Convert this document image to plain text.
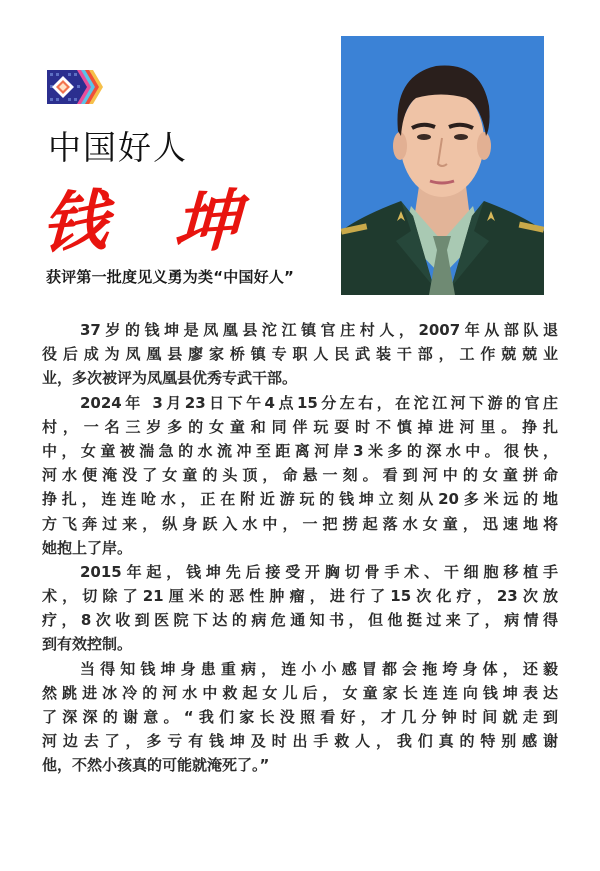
中国好人
钱 坤
获评第一批度见义勇为类“中国好人”
37岁的钱坤是凤凰县沱江镇官庄村人，2007年从部队退
役后成为凤凰县廖家桥镇专职人民武装干部，工作兢兢业
业，多次被评为凤凰县优秀专武干部。
2024年 3月23日下午4点15分左右，在沱江河下游的官庄
村，一名三岁多的女童和同伴玩耍时不慎掉进河里。挣扎
中，女童被湍急的水流冲至距离河岸3米多的深水中。很快，
河水便淹没了女童的头顶，命悬一刻。看到河中的女童拼命
挣扎，连连呛水，正在附近游玩的钱坤立刻从20多米远的地
方飞奔过来，纵身跃入水中，一把捞起落水女童，迅速地将
她抱上了岸。
2015年起，钱坤先后接受开胸切骨手术、干细胞移植手
术，切除了21厘米的恶性肿瘤，进行了15次化疗，23次放
疗，8次收到医院下达的病危通知书，但他挺过来了，病情得
到有效控制。
当得知钱坤身患重病，连小小感冒都会拖垮身体，还毅
然跳进冰冷的河水中救起女儿后，女童家长连连向钱坤表达
了深深的谢意。“我们家长没照看好，才几分钟时间就走到
河边去了，多亏有钱坤及时出手救人，我们真的特别感谢
他，不然小孩真的可能就淹死了。”
